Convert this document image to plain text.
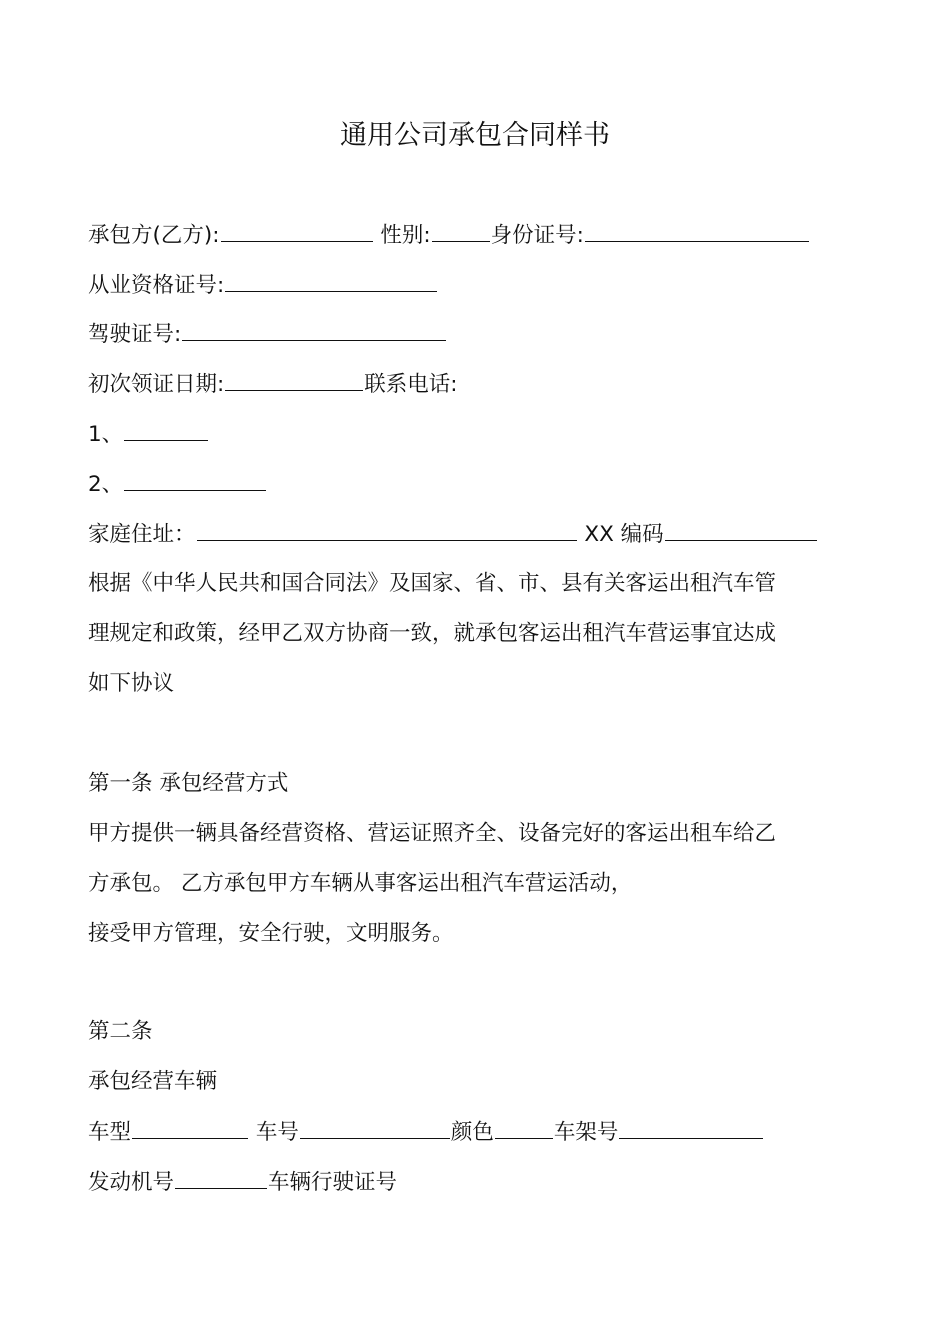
通用公司承包合同样书
承包方(乙方):	性别:	身份证号:
从业资格证号:
驾驶证号:
初次领证日期:	联系电话:
1、
2、
家庭住址：	XX 编码
根据《中华人民共和国合同法》及国家、省、市、县有关客运出租汽车管
理规定和政策，经甲乙双方协商一致，就承包客运出租汽车营运事宜达成
如下协议
第一条 承包经营方式
甲方提供一辆具备经营资格、营运证照齐全、设备完好的客运出租车给乙
方承包。 乙方承包甲方车辆从事客运出租汽车营运活动，
接受甲方管理，安全行驶，文明服务。
第二条
承包经营车辆
车型	车号	颜色	车架号
发动机号	车辆行驶证号
